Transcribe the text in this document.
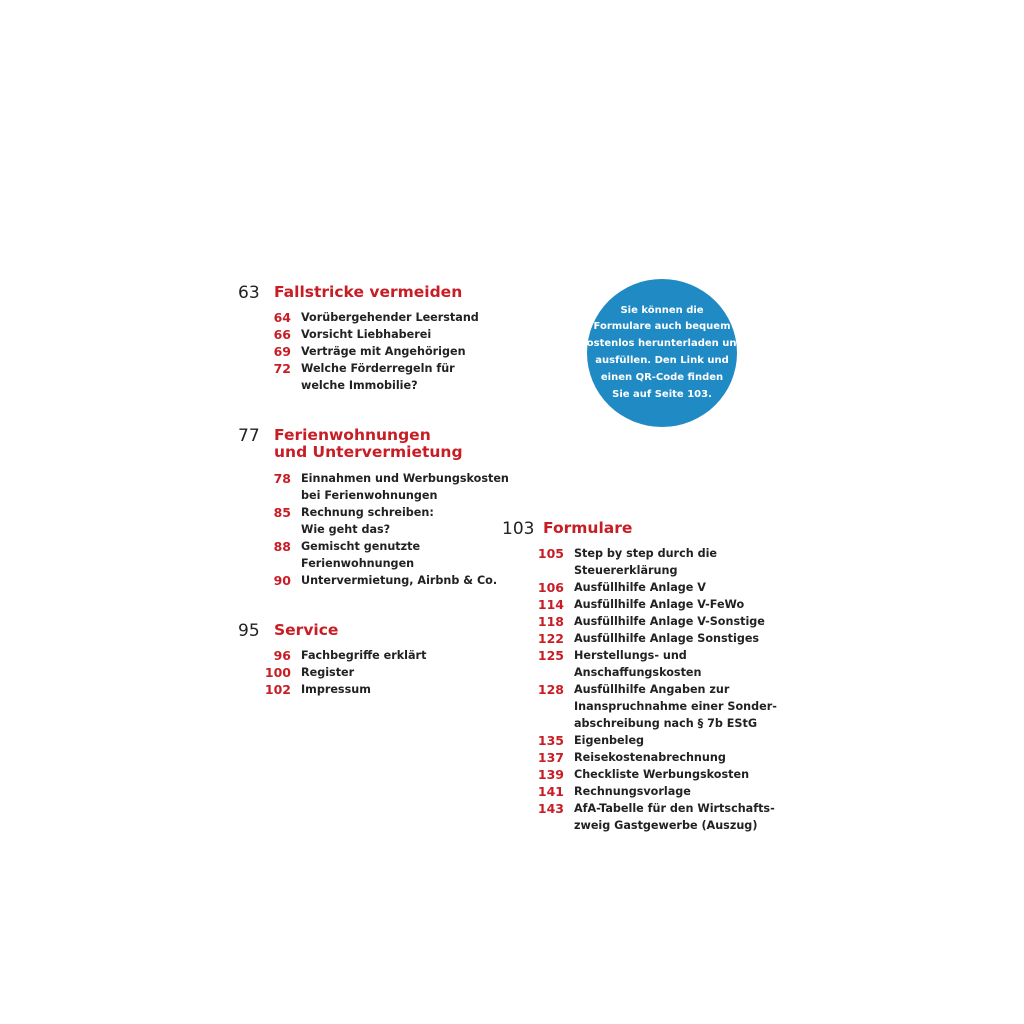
63 Fallstricke vermeiden
64 Vorübergehender Leerstand
66 Vorsicht Liebhaberei
69 Verträge mit Angehörigen
72 Welche Förderregeln für
welche Immobilie?
77 Ferienwohnungen
und Untervermietung
78 Einnahmen und Werbungskosten
bei Ferienwohnungen
85 Rechnung schreiben:
Wie geht das?
88 Gemischt genutzte
Ferienwohnungen
90 Untervermietung, Airbnb & Co.
95 Service
96 Fachbegriffe erklärt
100 Register
102 Impressum
103 Formulare
105 Step by step durch die
Steuererklärung
106 Ausfüllhilfe Anlage V
114 Ausfüllhilfe Anlage V-FeWo
118 Ausfüllhilfe Anlage V-Sonstige
122 Ausfüllhilfe Anlage Sonstiges
125 Herstellungs- und
Anschaffungskosten
128 Ausfüllhilfe Angaben zur
Inanspruchnahme einer Sonder-
abschreibung nach § 7b EStG
135 Eigenbeleg
137 Reisekostenabrechnung
139 Checkliste Werbungskosten
141 Rechnungsvorlage
143 AfA-Tabelle für den Wirtschafts-
zweig Gastgewerbe (Auszug)
Sie können die
Formulare auch bequem
kostenlos herunterladen und
ausfüllen. Den Link und
einen QR-Code finden
Sie auf Seite 103.
